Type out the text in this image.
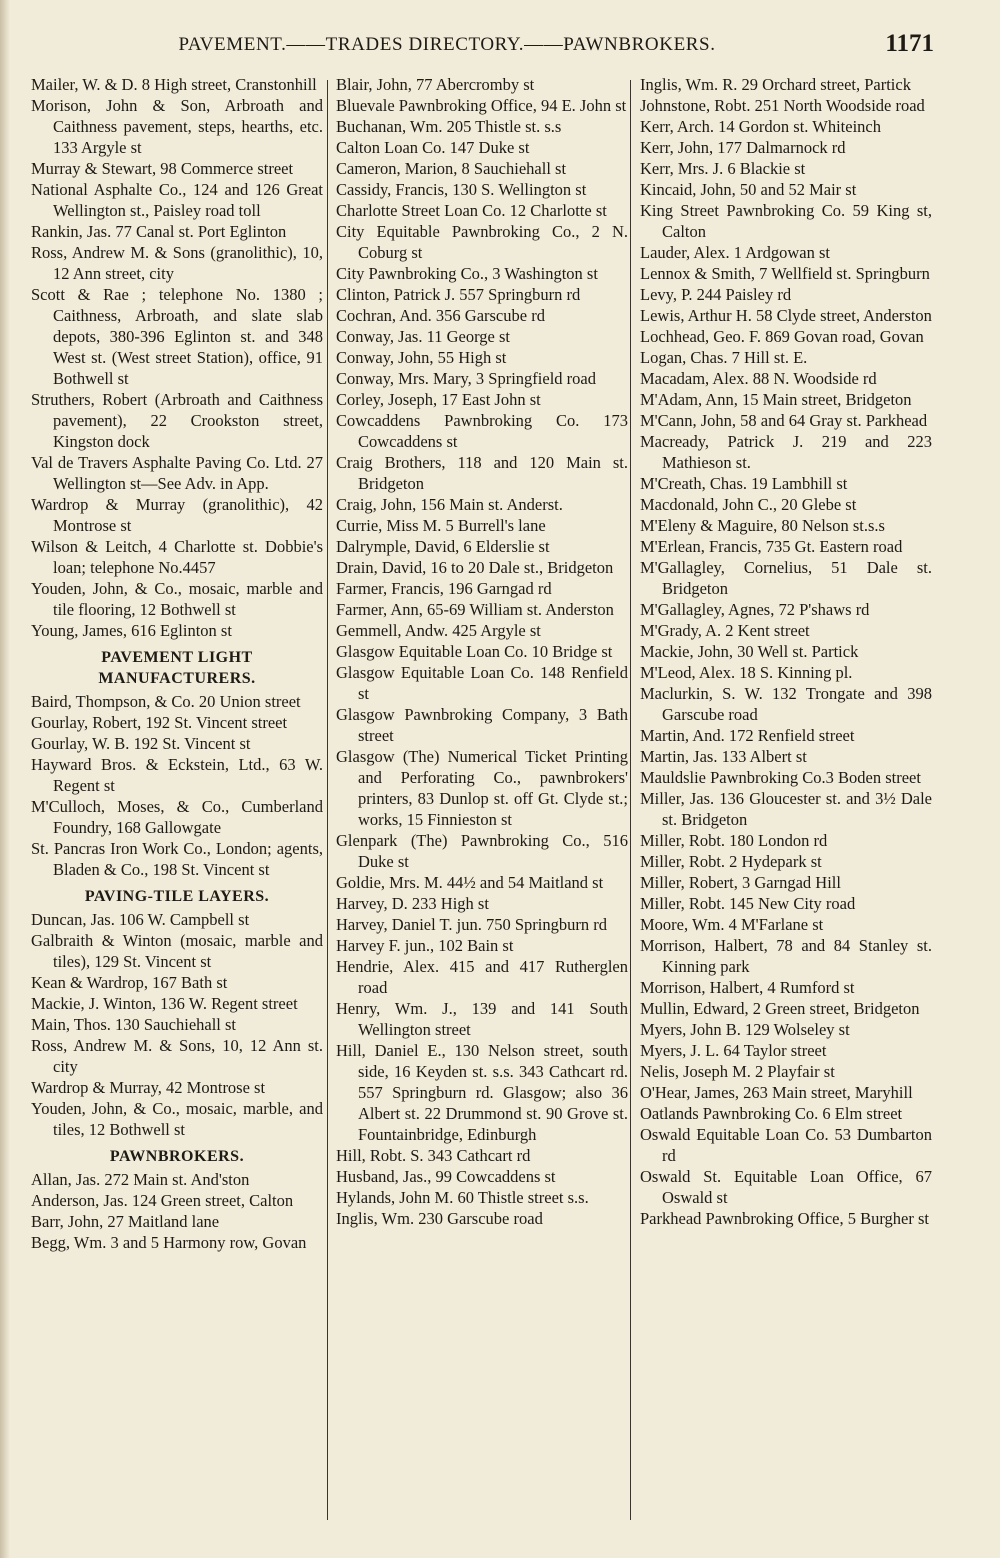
PAVEMENT.——TRADES DIRECTORY.——PAWNBROKERS.	1171
Mailer, W. & D. 8 High street, Cranstonhill
Morison, John & Son, Arbroath and Caithness pavement, steps, hearths, etc. 133 Argyle st
Murray & Stewart, 98 Commerce street
National Asphalte Co., 124 and 126 Great Wellington st., Paisley road toll
Rankin, Jas. 77 Canal st. Port Eglinton
Ross, Andrew M. & Sons (granolithic), 10, 12 Ann street, city
Scott & Rae ; telephone No. 1380 ; Caithness, Arbroath, and slate slab depots, 380-396 Eglinton st. and 348 West st. (West street Station), office, 91 Bothwell st
Struthers, Robert (Arbroath and Caithness pavement), 22 Crookston street, Kingston dock
Val de Travers Asphalte Paving Co. Ltd. 27 Wellington st—See Adv. in App.
Wardrop & Murray (granolithic), 42 Montrose st
Wilson & Leitch, 4 Charlotte st. Dobbie's loan; telephone No.4457
Youden, John, & Co., mosaic, marble and tile flooring, 12 Bothwell st
Young, James, 616 Eglinton st
PAVEMENT LIGHT MANUFACTURERS.
Baird, Thompson, & Co. 20 Union street
Gourlay, Robert, 192 St. Vincent street
Gourlay, W. B. 192 St. Vincent st
Hayward Bros. & Eckstein, Ltd., 63 W. Regent st
M'Culloch, Moses, & Co., Cumberland Foundry, 168 Gallowgate
St. Pancras Iron Work Co., London; agents, Bladen & Co., 198 St. Vincent st
PAVING-TILE LAYERS.
Duncan, Jas. 106 W. Campbell st
Galbraith & Winton (mosaic, marble and tiles), 129 St. Vincent st
Kean & Wardrop, 167 Bath st
Mackie, J. Winton, 136 W. Regent street
Main, Thos. 130 Sauchiehall st
Ross, Andrew M. & Sons, 10, 12 Ann st. city
Wardrop & Murray, 42 Montrose st
Youden, John, & Co., mosaic, marble, and tiles, 12 Bothwell st
PAWNBROKERS.
Allan, Jas. 272 Main st. And'ston
Anderson, Jas. 124 Green street, Calton
Barr, John, 27 Maitland lane
Begg, Wm. 3 and 5 Harmony row, Govan
Blair, John, 77 Abercromby st
Bluevale Pawnbroking Office, 94 E. John st
Buchanan, Wm. 205 Thistle st. s.s
Calton Loan Co. 147 Duke st
Cameron, Marion, 8 Sauchiehall st
Cassidy, Francis, 130 S. Wellington st
Charlotte Street Loan Co. 12 Charlotte st
City Equitable Pawnbroking Co., 2 N. Coburg st
City Pawnbroking Co., 3 Washington st
Clinton, Patrick J. 557 Springburn rd
Cochran, And. 356 Garscube rd
Conway, Jas. 11 George st
Conway, John, 55 High st
Conway, Mrs. Mary, 3 Springfield road
Corley, Joseph, 17 East John st
Cowcaddens Pawnbroking Co. 173 Cowcaddens st
Craig Brothers, 118 and 120 Main st. Bridgeton
Craig, John, 156 Main st. Anderst.
Currie, Miss M. 5 Burrell's lane
Dalrymple, David, 6 Elderslie st
Drain, David, 16 to 20 Dale st., Bridgeton
Farmer, Francis, 196 Garngad rd
Farmer, Ann, 65-69 William st. Anderston
Gemmell, Andw. 425 Argyle st
Glasgow Equitable Loan Co. 10 Bridge st
Glasgow Equitable Loan Co. 148 Renfield st
Glasgow Pawnbroking Company, 3 Bath street
Glasgow (The) Numerical Ticket Printing and Perforating Co., pawnbrokers' printers, 83 Dunlop st. off Gt. Clyde st.; works, 15 Finnieston st
Glenpark (The) Pawnbroking Co., 516 Duke st
Goldie, Mrs. M. 44½ and 54 Maitland st
Harvey, D. 233 High st
Harvey, Daniel T. jun. 750 Springburn rd
Harvey F. jun., 102 Bain st
Hendrie, Alex. 415 and 417 Rutherglen road
Henry, Wm. J., 139 and 141 South Wellington street
Hill, Daniel E., 130 Nelson street, south side, 16 Keyden st. s.s. 343 Cathcart rd. 557 Springburn rd. Glasgow; also 36 Albert st. 22 Drummond st. 90 Grove st. Fountainbridge, Edinburgh
Hill, Robt. S. 343 Cathcart rd
Husband, Jas., 99 Cowcaddens st
Hylands, John M. 60 Thistle street s.s.
Inglis, Wm. 230 Garscube road
Inglis, Wm. R. 29 Orchard street, Partick
Johnstone, Robt. 251 North Woodside road
Kerr, Arch. 14 Gordon st. Whiteinch
Kerr, John, 177 Dalmarnock rd
Kerr, Mrs. J. 6 Blackie st
Kincaid, John, 50 and 52 Mair st
King Street Pawnbroking Co. 59 King st, Calton
Lauder, Alex. 1 Ardgowan st
Lennox & Smith, 7 Wellfield st. Springburn
Levy, P. 244 Paisley rd
Lewis, Arthur H. 58 Clyde street, Anderston
Lochhead, Geo. F. 869 Govan road, Govan
Logan, Chas. 7 Hill st. E.
Macadam, Alex. 88 N. Woodside rd
M'Adam, Ann, 15 Main street, Bridgeton
M'Cann, John, 58 and 64 Gray st. Parkhead
Macready, Patrick J. 219 and 223 Mathieson st.
M'Creath, Chas. 19 Lambhill st
Macdonald, John C., 20 Glebe st
M'Eleny & Maguire, 80 Nelson st.s.s
M'Erlean, Francis, 735 Gt. Eastern road
M'Gallagley, Cornelius, 51 Dale st. Bridgeton
M'Gallagley, Agnes, 72 P'shaws rd
M'Grady, A. 2 Kent street
Mackie, John, 30 Well st. Partick
M'Leod, Alex. 18 S. Kinning pl.
Maclurkin, S. W. 132 Trongate and 398 Garscube road
Martin, And. 172 Renfield street
Martin, Jas. 133 Albert st
Mauldslie Pawnbroking Co.3 Boden street
Miller, Jas. 136 Gloucester st. and 3½ Dale st. Bridgeton
Miller, Robt. 180 London rd
Miller, Robt. 2 Hydepark st
Miller, Robert, 3 Garngad Hill
Miller, Robt. 145 New City road
Moore, Wm. 4 M'Farlane st
Morrison, Halbert, 78 and 84 Stanley st. Kinning park
Morrison, Halbert, 4 Rumford st
Mullin, Edward, 2 Green street, Bridgeton
Myers, John B. 129 Wolseley st
Myers, J. L. 64 Taylor street
Nelis, Joseph M. 2 Playfair st
O'Hear, James, 263 Main street, Maryhill
Oatlands Pawnbroking Co. 6 Elm street
Oswald Equitable Loan Co. 53 Dumbarton rd
Oswald St. Equitable Loan Office, 67 Oswald st
Parkhead Pawnbroking Office, 5 Burgher st
